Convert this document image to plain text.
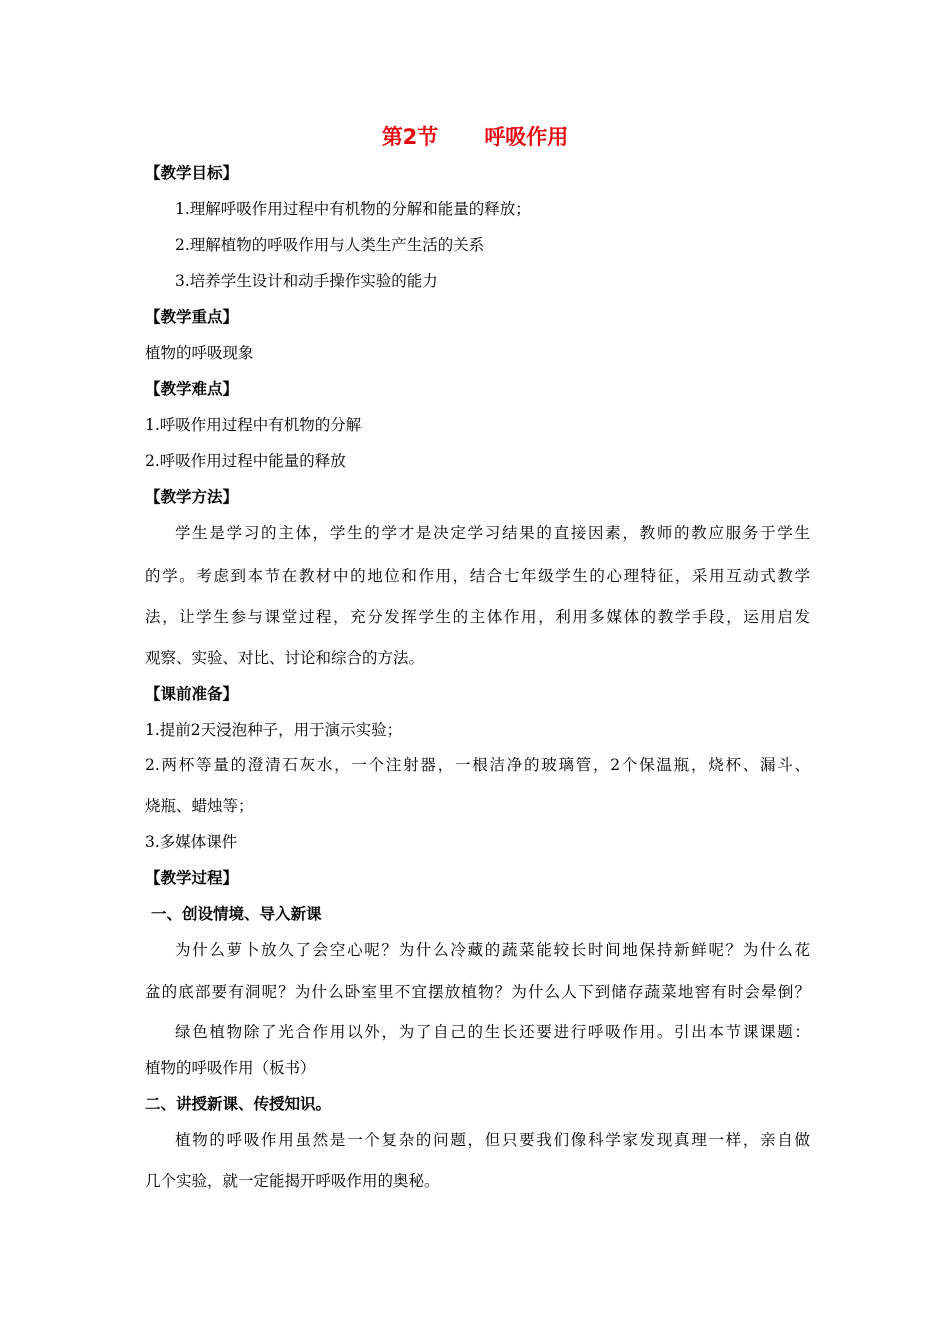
第2节 呼吸作用
【教学目标】
1.理解呼吸作用过程中有机物的分解和能量的释放；
2.理解植物的呼吸作用与人类生产生活的关系
3.培养学生设计和动手操作实验的能力
【教学重点】
植物的呼吸现象
【教学难点】
1.呼吸作用过程中有机物的分解
2.呼吸作用过程中能量的释放
【教学方法】
学生是学习的主体，学生的学才是决定学习结果的直接因素，教师的教应服务于学生
的学。考虑到本节在教材中的地位和作用，结合七年级学生的心理特征，采用互动式教学
法，让学生参与课堂过程，充分发挥学生的主体作用，利用多媒体的教学手段，运用启发
观察、实验、对比、讨论和综合的方法。
【课前准备】
1.提前2天浸泡种子，用于演示实验；
2.两杯等量的澄清石灰水，一个注射器，一根洁净的玻璃管，2个保温瓶，烧杯、漏斗、
烧瓶、蜡烛等；
3.多媒体课件
【教学过程】
一、创设情境、导入新课
为什么萝卜放久了会空心呢？为什么冷藏的蔬菜能较长时间地保持新鲜呢？为什么花
盆的底部要有洞呢？为什么卧室里不宜摆放植物？为什么人下到储存蔬菜地窖有时会晕倒？
绿色植物除了光合作用以外，为了自己的生长还要进行呼吸作用。引出本节课课题：
植物的呼吸作用（板书）
二、讲授新课、传授知识。
植物的呼吸作用虽然是一个复杂的问题，但只要我们像科学家发现真理一样，亲自做
几个实验，就一定能揭开呼吸作用的奥秘。
